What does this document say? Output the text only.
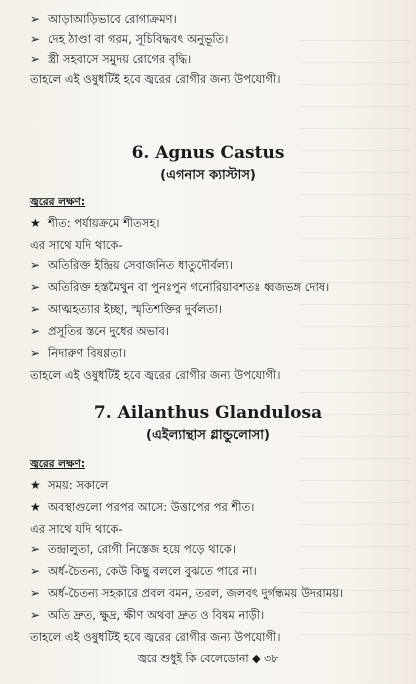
➢ আড়াআড়িভাবে রোগাক্রমণ।
➢ দেহ ঠাণ্ডা বা গরম, সূচিবিদ্ধবৎ অনুভূতি।
➢ স্ত্রী সহবাসে সমুদয় রোগের বৃদ্ধি।
তাহলে এই ওষুধটিই হবে জ্বরের রোগীর জন্য উপযোগী।
6. Agnus Castus
(এগনাস ক্যাস্টাস)
জ্বরের লক্ষণ:
★ শীত: পর্যায়ক্রমে শীতসহ।
এর সাথে যদি থাকে-
➢ অতিরিক্ত ইন্দ্রিয় সেবাজনিত ধাতুদৌর্বল্য।
➢ অতিরিক্ত হস্তমৈথুন বা পুনঃপুন গনোরিয়াবশতঃ ধ্বজভঙ্গ দোষ।
➢ আত্মহত্যার ইচ্ছা, স্মৃতিশক্তির দুর্বলতা।
➢ প্রসূতির স্তনে দুধের অভাব।
➢ নিদারুণ বিষণ্ণতা।
তাহলে এই ওষুধটিই হবে জ্বরের রোগীর জন্য উপযোগী।
7. Ailanthus Glandulosa
(এইল্যান্থাস গ্লান্ডুলোসা)
জ্বরের লক্ষণ:
★ সময়: সকালে
★ অবস্থাগুলো পরপর আসে: উত্তাপের পর শীত।
এর সাথে যদি থাকে-
➢ তন্দ্রালুতা, রোগী নিস্তেজ হয়ে পড়ে থাকে।
➢ অর্ধ-চৈতন্য, কেউ কিছু বললে বুঝতে পারে না।
➢ অর্ধ-চৈতন্য সহকারে প্রবল বমন, তরল, জলবৎ দুর্গন্ধময় উদরাময়।
➢ অতি দ্রুত, ক্ষুদ্র, ক্ষীণ অথবা দ্রুত ও বিষম নাড়ী।
তাহলে এই ওষুধটিই হবে জ্বরের রোগীর জন্য উপযোগী।
জ্বরে শুধুই কি বেলেডোনা ◆ ৩৮
